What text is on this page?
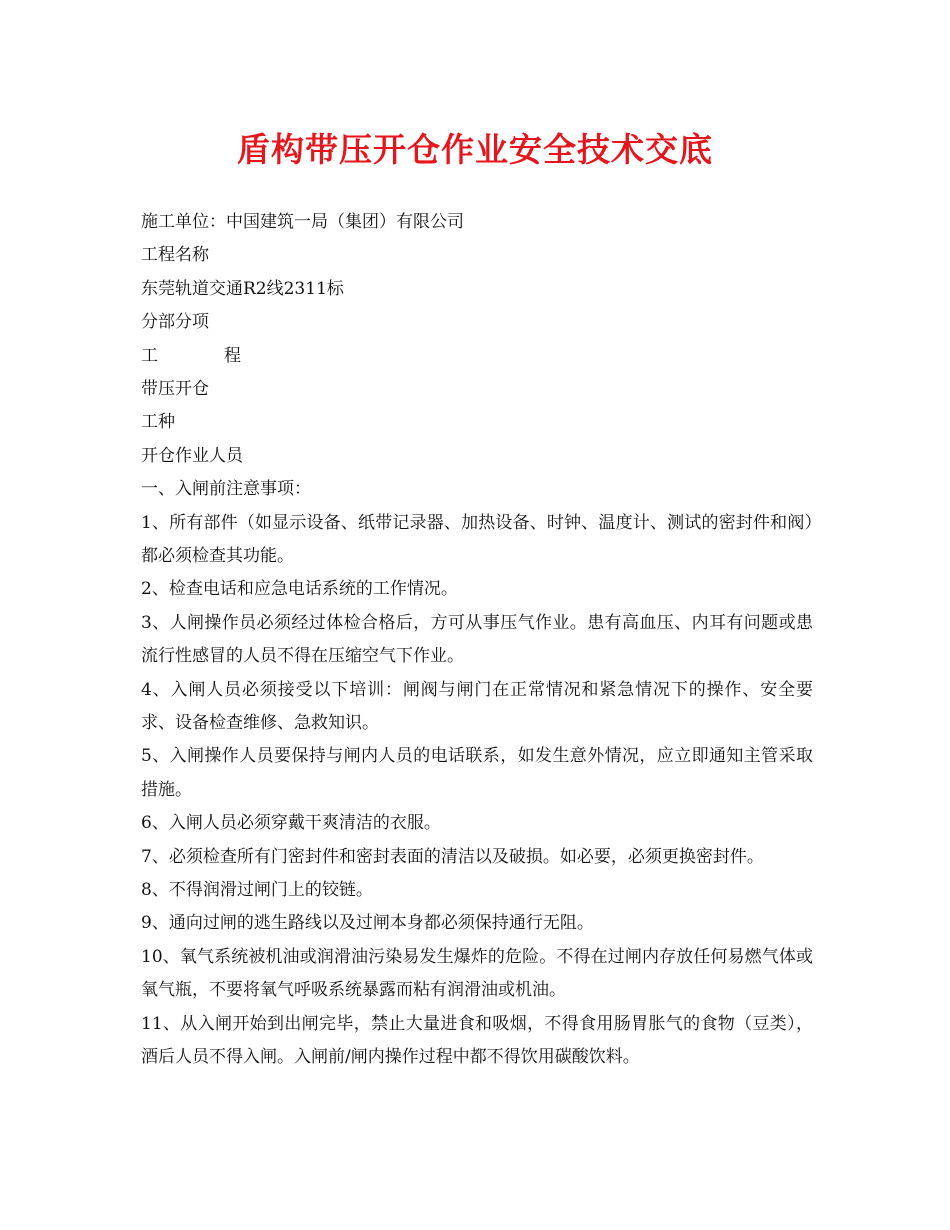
盾构带压开仓作业安全技术交底

施工单位：中国建筑一局（集团）有限公司

工程名称

东莞轨道交通R2线2311标

分部分项

工	程

带压开仓

工种

开仓作业人员

一、入闸前注意事项：

1、所有部件（如显示设备、纸带记录器、加热设备、时钟、温度计、测试的密封件和阀）都必须检查其功能。

2、检查电话和应急电话系统的工作情况。

3、人闸操作员必须经过体检合格后，方可从事压气作业。患有高血压、内耳有问题或患流行性感冒的人员不得在压缩空气下作业。

4、入闸人员必须接受以下培训：闸阀与闸门在正常情况和紧急情况下的操作、安全要求、设备检查维修、急救知识。

5、入闸操作人员要保持与闸内人员的电话联系，如发生意外情况，应立即通知主管采取措施。

6、入闸人员必须穿戴干爽清洁的衣服。

7、必须检查所有门密封件和密封表面的清洁以及破损。如必要，必须更换密封件。

8、不得润滑过闸门上的铰链。

9、通向过闸的逃生路线以及过闸本身都必须保持通行无阻。

10、氧气系统被机油或润滑油污染易发生爆炸的危险。不得在过闸内存放任何易燃气体或氧气瓶，不要将氧气呼吸系统暴露而粘有润滑油或机油。

11、从入闸开始到出闸完毕，禁止大量进食和吸烟，不得食用肠胃胀气的食物（豆类），酒后人员不得入闸。入闸前/闸内操作过程中都不得饮用碳酸饮料。
